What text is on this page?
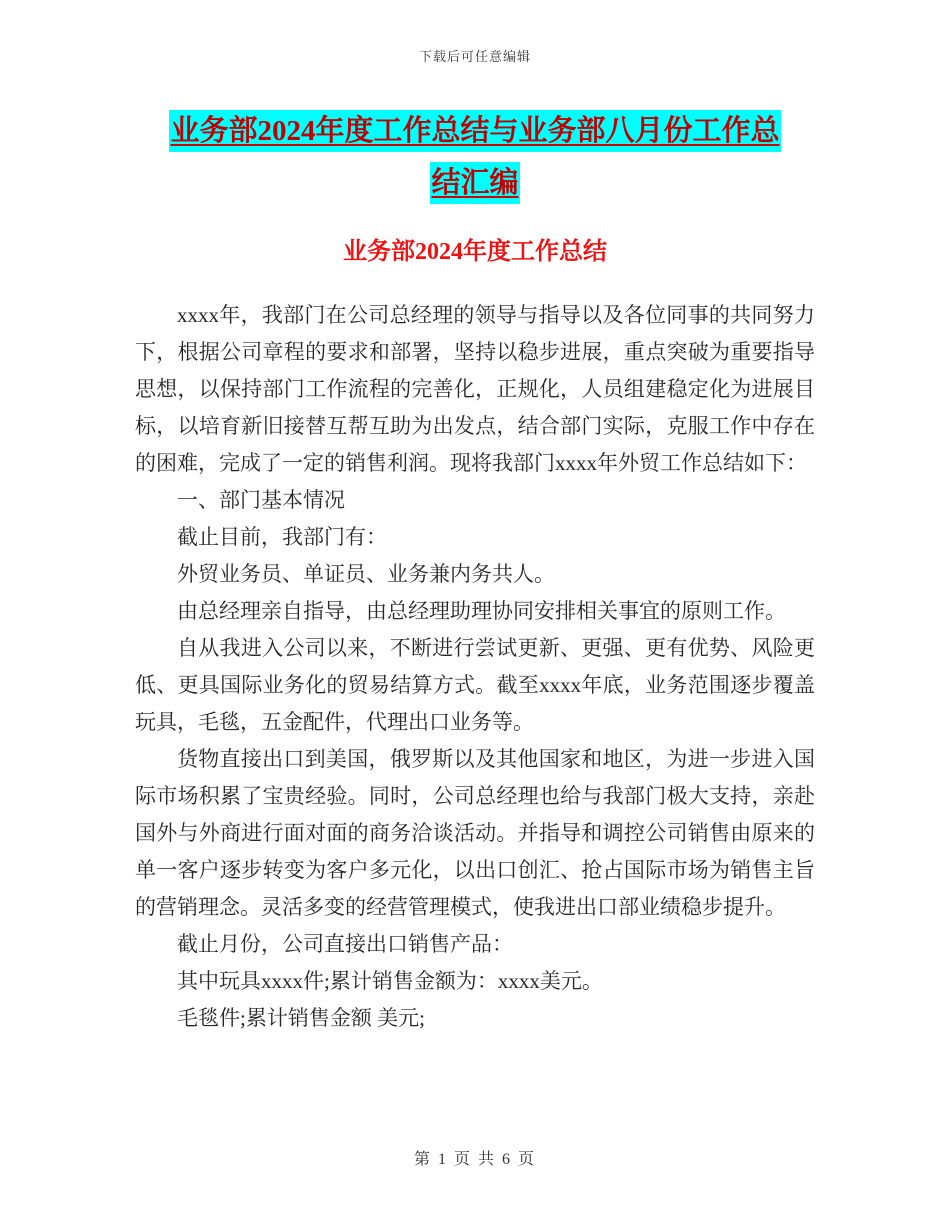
下载后可任意编辑
业务部2024年度工作总结与业务部八月份工作总结汇编
业务部2024年度工作总结

xxxx年，我部门在公司总经理的领导与指导以及各位同事的共同努力下，根据公司章程的要求和部署，坚持以稳步进展，重点突破为重要指导思想，以保持部门工作流程的完善化，正规化，人员组建稳定化为进展目标，以培育新旧接替互帮互助为出发点，结合部门实际，克服工作中存在的困难，完成了一定的销售利润。现将我部门xxxx年外贸工作总结如下：

一、部门基本情况

截止目前，我部门有：

外贸业务员、单证员、业务兼内务共人。

由总经理亲自指导，由总经理助理协同安排相关事宜的原则工作。

自从我进入公司以来，不断进行尝试更新、更强、更有优势、风险更低、更具国际业务化的贸易结算方式。截至xxxx年底，业务范围逐步覆盖玩具，毛毯，五金配件，代理出口业务等。

货物直接出口到美国，俄罗斯以及其他国家和地区，为进一步进入国际市场积累了宝贵经验。同时，公司总经理也给与我部门极大支持，亲赴国外与外商进行面对面的商务洽谈活动。并指导和调控公司销售由原来的单一客户逐步转变为客户多元化，以出口创汇、抢占国际市场为销售主旨的营销理念。灵活多变的经营管理模式，使我进出口部业绩稳步提升。

截止月份，公司直接出口销售产品：

其中玩具xxxx件;累计销售金额为：xxxx美元。

毛毯件;累计销售金额 美元;

第 1 页 共 6 页
